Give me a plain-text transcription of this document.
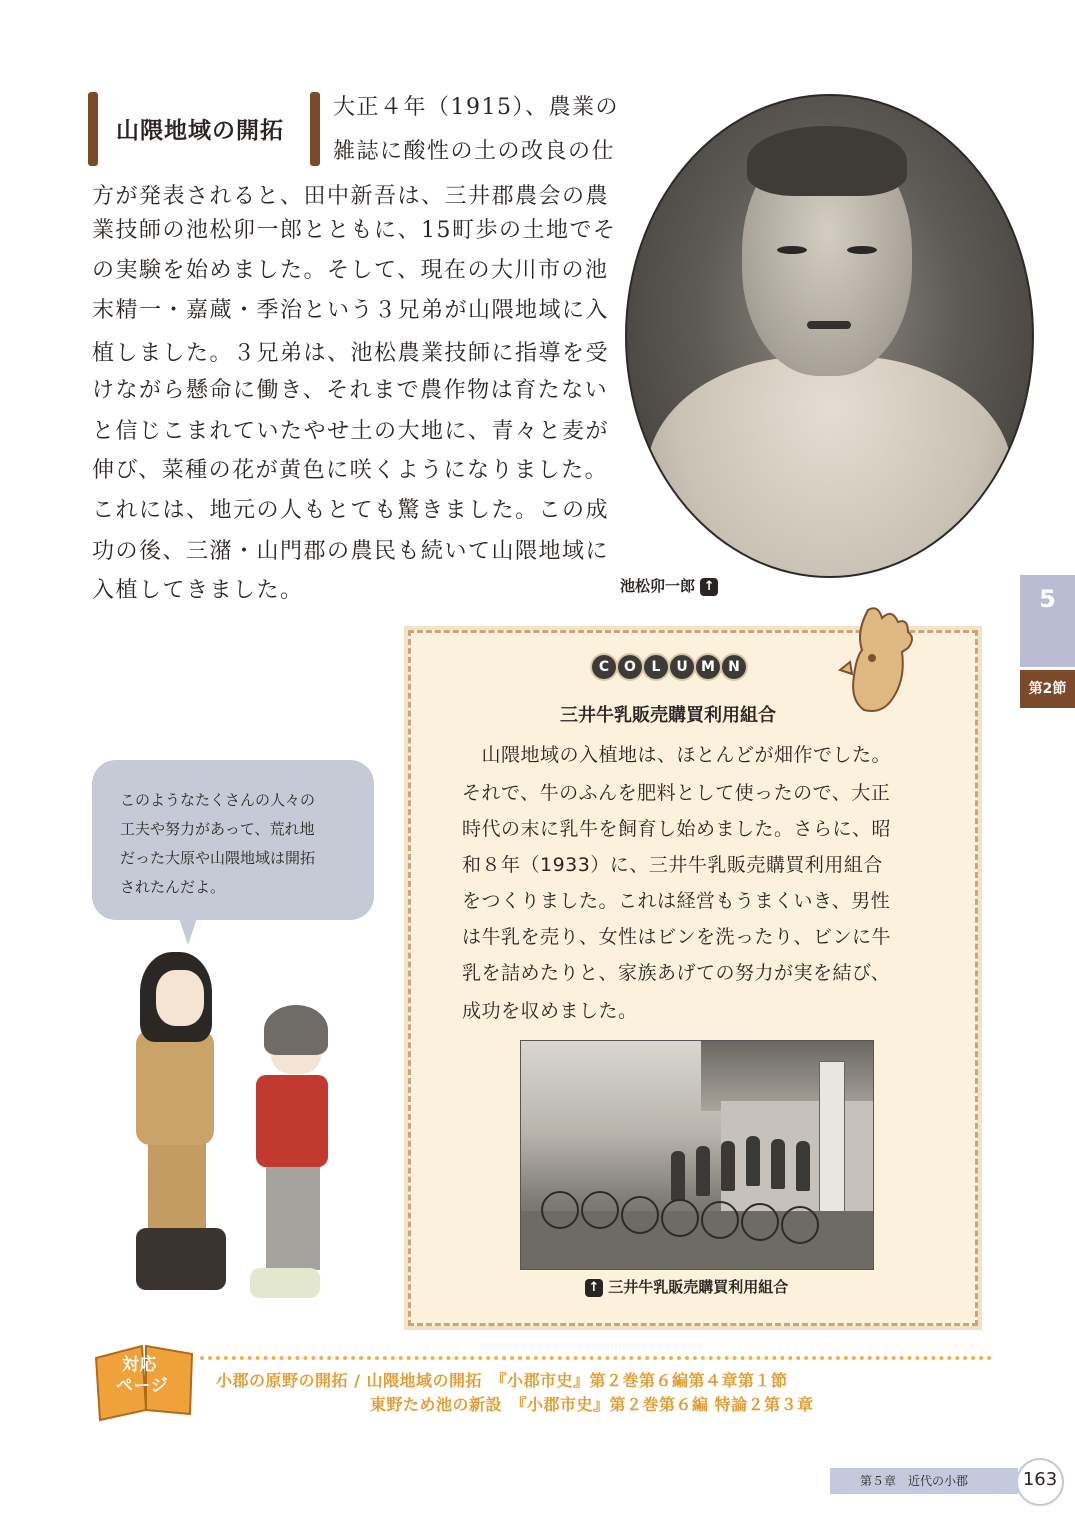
山隈地域の開拓
大正４年（1915）、農業の
雑誌に酸性の土の改良の仕
方が発表されると、田中新吾は、三井郡農会の農
業技師の池松卯一郎とともに、15町歩の土地でそ
の実験を始めました。そして、現在の大川市の池
末精一・嘉蔵・季治という３兄弟が山隈地域に入
植しました。３兄弟は、池松農業技師に指導を受
けながら懸命に働き、それまで農作物は育たない
と信じこまれていたやせ土の大地に、青々と麦が
伸び、菜種の花が黄色に咲くようになりました。
これには、地元の人もとても驚きました。この成
功の後、三潴・山門郡の農民も続いて山隈地域に
入植してきました。	池松卯一郎 ↑	5
第2節
C O L U M N
三井牛乳販売購買利用組合
　山隈地域の入植地は、ほとんどが畑作でした。
それで、牛のふんを肥料として使ったので、大正
時代の末に乳牛を飼育し始めました。さらに、昭
和８年（1933）に、三井牛乳販売購買利用組合
をつくりました。これは経営もうまくいき、男性
は牛乳を売り、女性はビンを洗ったり、ビンに牛
乳を詰めたりと、家族あげての努力が実を結び、
成功を収めました。
↑ 三井牛乳販売購買利用組合
このようなたくさんの人々の
工夫や努力があって、荒れ地
だった大原や山隈地域は開拓
されたんだよ。
対応
ページ	小郡の原野の開拓 / 山隈地域の開拓　『小郡市史』第２巻第６編第４章第１節
東野ため池の新設　『小郡市史』第２巻第６編 特論２第３章
第５章　近代の小郡	163
